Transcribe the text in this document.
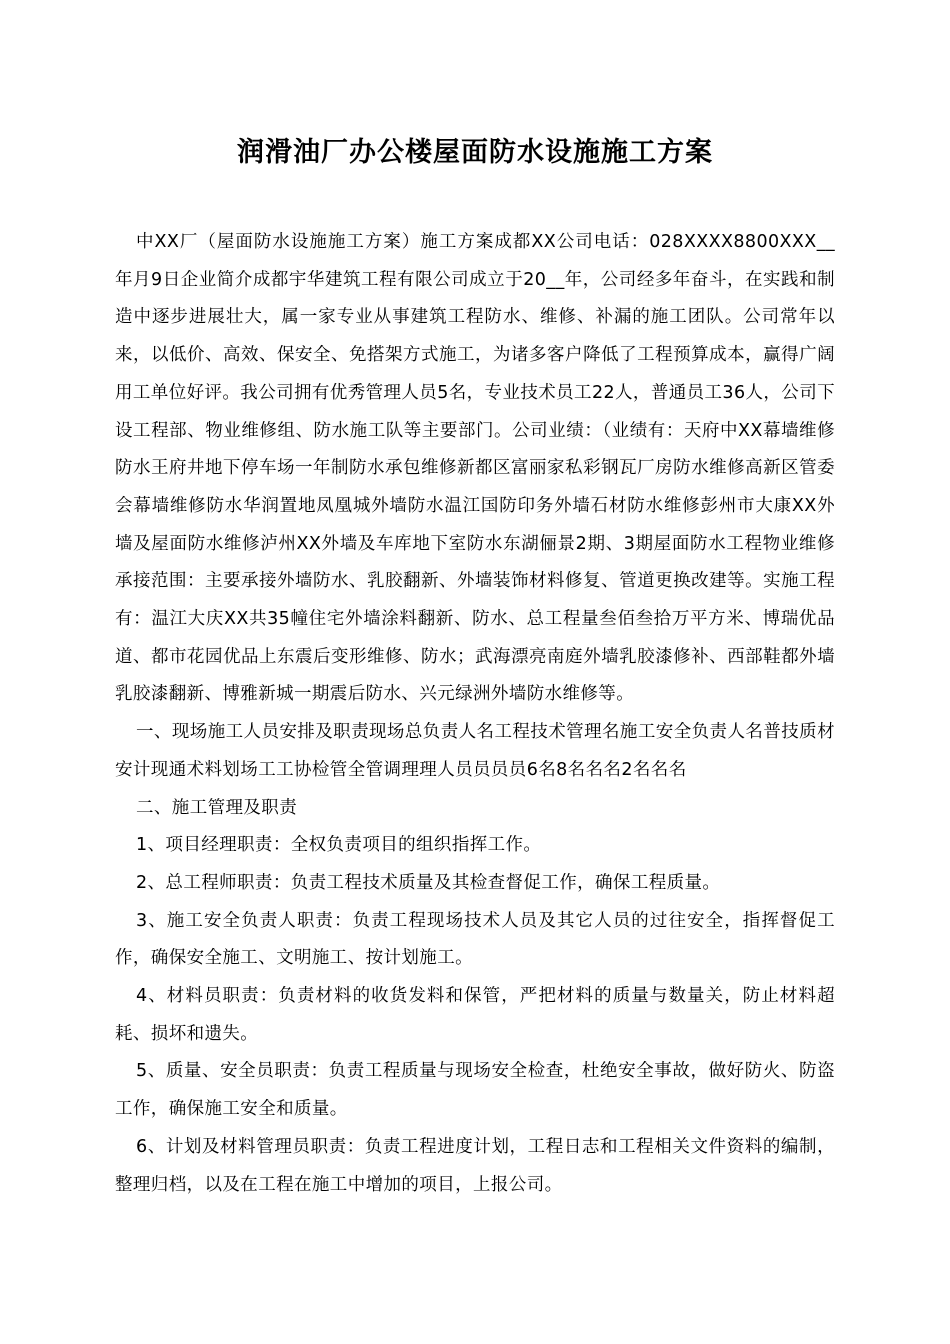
润滑油厂办公楼屋面防水设施施工方案

中XX厂（屋面防水设施施工方案）施工方案成都XX公司电话：028XXXX8800XXX__年月9日企业简介成都宇华建筑工程有限公司成立于20__年，公司经多年奋斗，在实践和制造中逐步进展壮大，属一家专业从事建筑工程防水、维修、补漏的施工团队。公司常年以来，以低价、高效、保安全、免搭架方式施工，为诸多客户降低了工程预算成本，赢得广阔用工单位好评。我公司拥有优秀管理人员5名，专业技术员工22人，普通员工36人，公司下设工程部、物业维修组、防水施工队等主要部门。公司业绩：（业绩有：天府中XX幕墙维修防水王府井地下停车场一年制防水承包维修新都区富丽家私彩钢瓦厂房防水维修高新区管委会幕墙维修防水华润置地凤凰城外墙防水温江国防印务外墙石材防水维修彭州市大康XX外墙及屋面防水维修泸州XX外墙及车库地下室防水东湖俪景2期、3期屋面防水工程物业维修承接范围：主要承接外墙防水、乳胶翻新、外墙装饰材料修复、管道更换改建等。实施工程有：温江大庆XX共35幢住宅外墙涂料翻新、防水、总工程量叁佰叁拾万平方米、博瑞优品道、都市花园优品上东震后变形维修、防水；武海漂亮南庭外墙乳胶漆修补、西部鞋都外墙乳胶漆翻新、博雅新城一期震后防水、兴元绿洲外墙防水维修等。

一、现场施工人员安排及职责现场总负责人名工程技术管理名施工安全负责人名普技质材安计现通术料划场工工协检管全管调理理人员员员员6名8名名名2名名名

二、施工管理及职责

1、项目经理职责：全权负责项目的组织指挥工作。

2、总工程师职责：负责工程技术质量及其检查督促工作，确保工程质量。

3、施工安全负责人职责：负责工程现场技术人员及其它人员的过往安全，指挥督促工作，确保安全施工、文明施工、按计划施工。

4、材料员职责：负责材料的收货发料和保管，严把材料的质量与数量关，防止材料超耗、损坏和遗失。

5、质量、安全员职责：负责工程质量与现场安全检查，杜绝安全事故，做好防火、防盗工作，确保施工安全和质量。

6、计划及材料管理员职责：负责工程进度计划，工程日志和工程相关文件资料的编制，整理归档，以及在工程在施工中增加的项目，上报公司。
